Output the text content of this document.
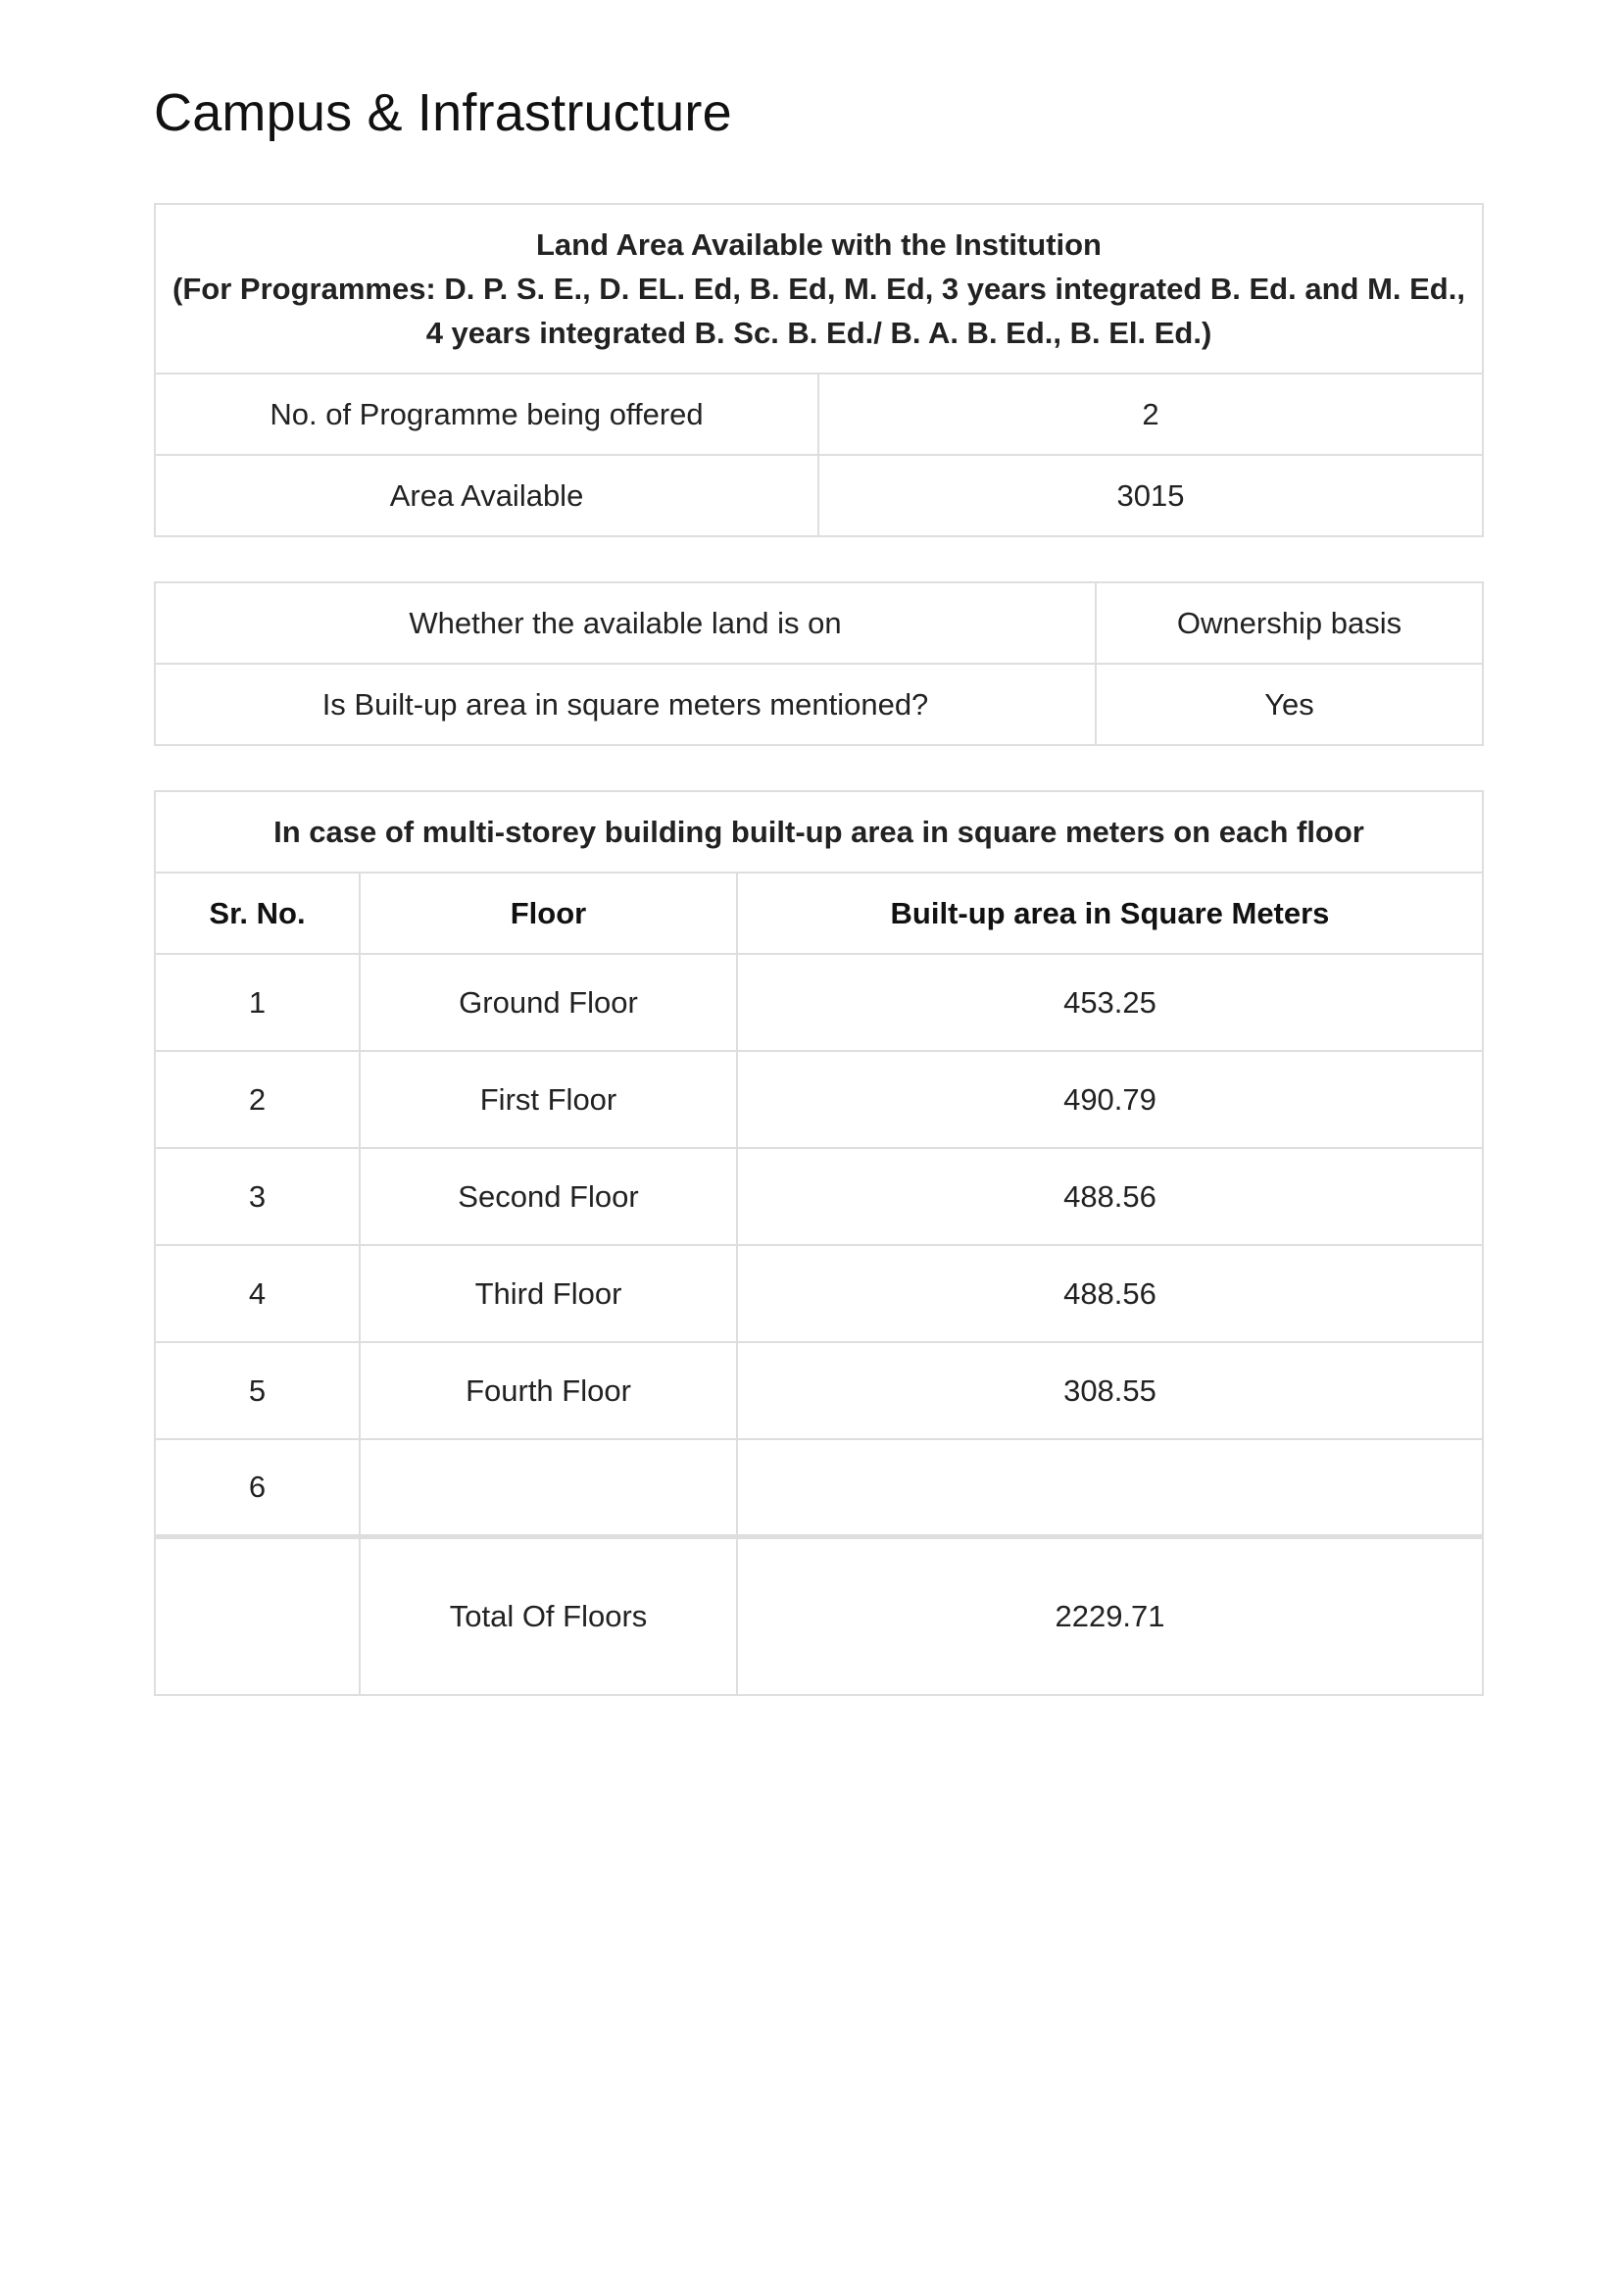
Campus & Infrastructure
Land Area Available with the Institution
(For Programmes: D. P. S. E., D. EL. Ed, B. Ed, M. Ed, 3 years integrated B. Ed. and M. Ed., 4 years integrated B. Sc. B. Ed./ B. A. B. Ed., B. El. Ed.)	

No. of Programme being offered	2
Area Available	3015
Whether the available land is on	Ownership basis
Is Built-up area in square meters mentioned?	Yes
In case of multi-storey building built-up area in square meters on each floor		
Sr. No.	Floor	Built-up area in Square Meters
1	Ground Floor	453.25
2	First Floor	490.79
3	Second Floor	488.56
4	Third Floor	488.56
5	Fourth Floor	308.55
6		
	Total Of Floors	2229.71
